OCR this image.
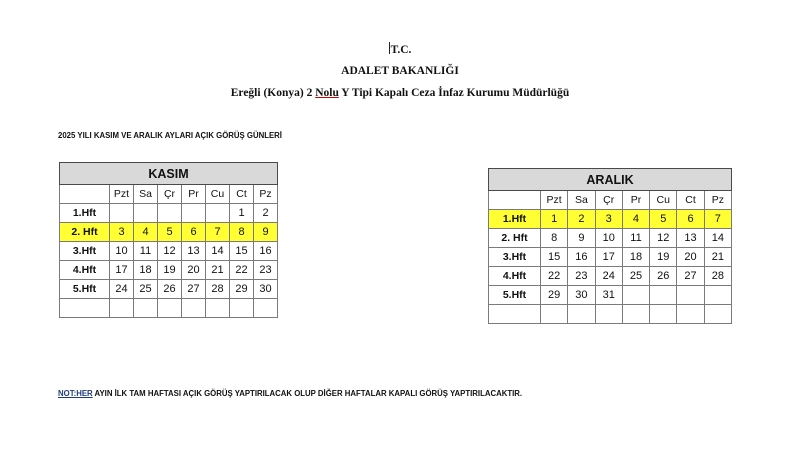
T.C.
ADALET BAKANLIĞI
Ereğli (Konya) 2 Nolu Y Tipi Kapalı Ceza İnfaz Kurumu Müdürlüğü
2025 YILI KASIM VE ARALIK AYLARI AÇIK GÖRÜŞ GÜNLERİ
KASIM							
	Pzt	Sa	Çr	Pr	Cu	Ct	Pz
1.Hft						1	2
2. Hft	3	4	5	6	7	8	9
3.Hft	10	11	12	13	14	15	16
4.Hft	17	18	19	20	21	22	23
5.Hft	24	25	26	27	28	29	30

ARALIK							
	Pzt	Sa	Çr	Pr	Cu	Ct	Pz
1.Hft	1	2	3	4	5	6	7
2. Hft	8	9	10	11	12	13	14
3.Hft	15	16	17	18	19	20	21
4.Hft	22	23	24	25	26	27	28
5.Hft	29	30	31				

NOT:HER AYIN İLK TAM HAFTASI AÇIK GÖRÜŞ YAPTIRILACAK OLUP DİĞER HAFTALAR KAPALI GÖRÜŞ YAPTIRILACAKTIR.
